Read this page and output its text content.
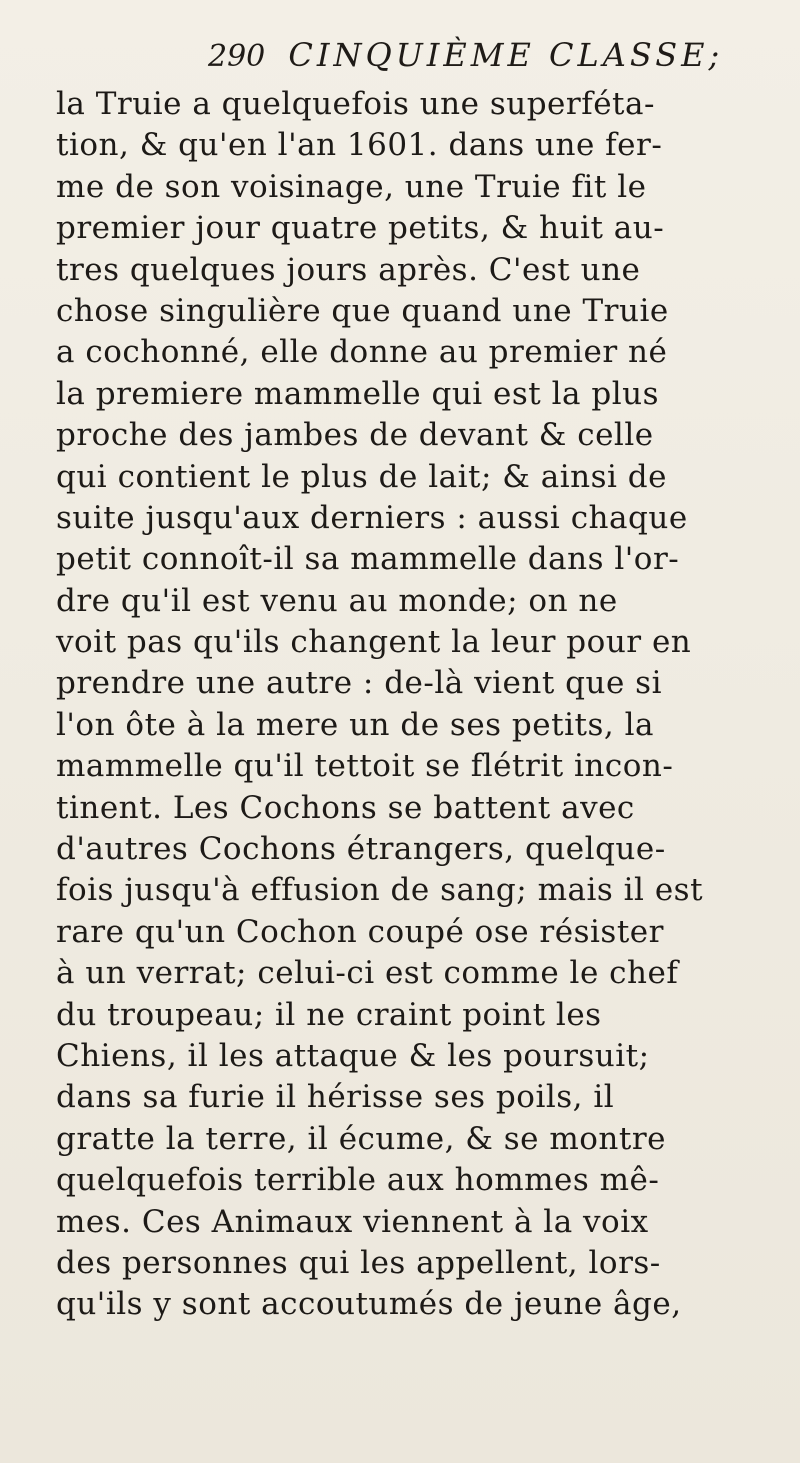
290 CINQUIÈME CLASSE;
la Truie a quelquefois une superféta-
tion, & qu'en l'an 1601. dans une fer-
me de son voisinage, une Truie fit le
premier jour quatre petits, & huit au-
tres quelques jours après. C'est une
chose singulière que quand une Truie
a cochonné, elle donne au premier né
la premiere mammelle qui est la plus
proche des jambes de devant & celle
qui contient le plus de lait; & ainsi de
suite jusqu'aux derniers : aussi chaque
petit connoît-il sa mammelle dans l'or-
dre qu'il est venu au monde; on ne
voit pas qu'ils changent la leur pour en
prendre une autre : de-là vient que si
l'on ôte à la mere un de ses petits, la
mammelle qu'il tettoit se flétrit incon-
tinent. Les Cochons se battent avec
d'autres Cochons étrangers, quelque-
fois jusqu'à effusion de sang; mais il est
rare qu'un Cochon coupé ose résister
à un verrat; celui-ci est comme le chef
du troupeau; il ne craint point les
Chiens, il les attaque & les poursuit;
dans sa furie il hérisse ses poils, il
gratte la terre, il écume, & se montre
quelquefois terrible aux hommes mê-
mes. Ces Animaux viennent à la voix
des personnes qui les appellent, lors-
qu'ils y sont accoutumés de jeune âge,
